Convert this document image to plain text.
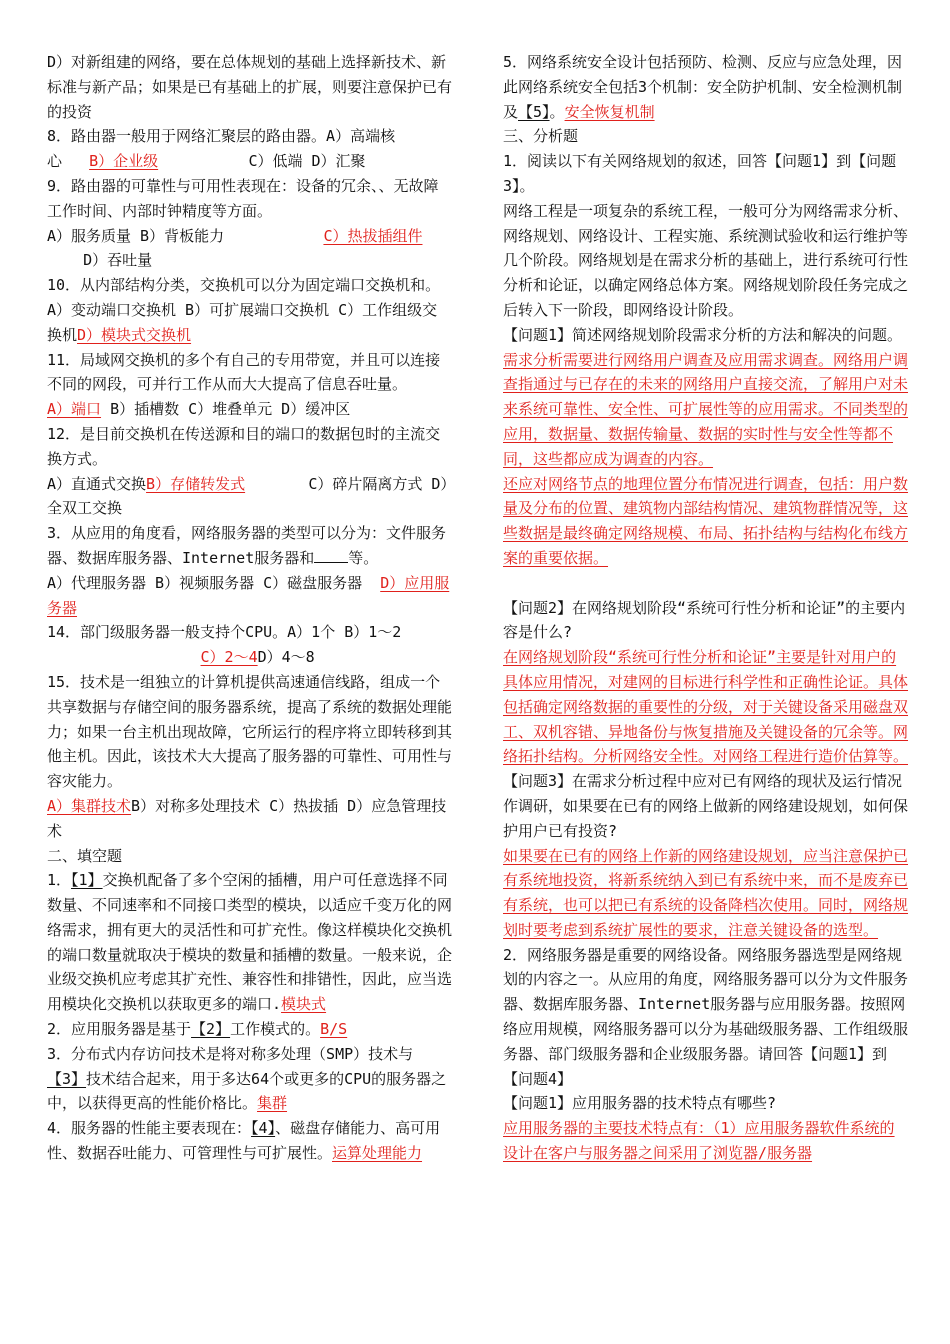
D）对新组建的网络，要在总体规划的基础上选择新技术、新标准与新产品；如果是已有基础上的扩展，则要注意保护已有的投资

8．路由器一般用于网络汇聚层的路由器。A）高端核心 B）企业级	C）低端 D）汇聚

9．路由器的可靠性与可用性表现在：设备的冗余、、无故障工作时间、内部时钟精度等方面。

A）服务质量 B）背板能力	C）热拔插组件
D）吞吐量

10．从内部结构分类，交换机可以分为固定端口交换机和。

A）变动端口交换机 B）可扩展端口交换机 C）工作组级交换机D）模块式交换机

11．局域网交换机的多个有自己的专用带宽，并且可以连接不同的网段，可并行工作从而大大提高了信息吞吐量。

A）端口 B）插槽数 C）堆叠单元 D）缓冲区

12．是目前交换机在传送源和目的端口的数据包时的主流交换方式。

A）直通式交换B）存储转发式	C）碎片隔离方式 D）全双工交换

3．从应用的角度看，网络服务器的类型可以分为：文件服务器、数据库服务器、Internet服务器和 等。

A）代理服务器 B）视频服务器 C）磁盘服务器 D）应用服务器

14．部门级服务器一般支持个CPU。A）1个 B）1～2
C）2～4D）4～8

15．技术是一组独立的计算机提供高速通信线路，组成一个共享数据与存储空间的服务器系统，提高了系统的数据处理能力；如果一台主机出现故障，它所运行的程序将立即转移到其他主机。因此，该技术大大提高了服务器的可靠性、可用性与容灾能力。

A）集群技术B）对称多处理技术 C）热拔插 D）应急管理技术

二、填空题

1．【1】交换机配备了多个空闲的插槽，用户可任意选择不同数量、不同速率和不同接口类型的模块，以适应千变万化的网络需求，拥有更大的灵活性和可扩充性。像这样模块化交换机的端口数量就取决于模块的数量和插槽的数量。一般来说，企业级交换机应考虑其扩充性、兼容性和排错性，因此，应当选用模块化交换机以获取更多的端口.模块式

2．应用服务器是基于【2】工作模式的。B/S

3．分布式内存访问技术是将对称多处理（SMP）技术与【3】技术结合起来，用于多达64个或更多的CPU的服务器之中，以获得更高的性能价格比。集群

4．服务器的性能主要表现在：【4】、磁盘存储能力、高可用性、数据吞吐能力、可管理性与可扩展性。运算处理能力

5．网络系统安全设计包括预防、检测、反应与应急处理，因此网络系统安全包括3个机制：安全防护机制、安全检测机制及【5】。安全恢复机制

三、分析题

1．阅读以下有关网络规划的叙述，回答【问题1】到【问题3】。

网络工程是一项复杂的系统工程，一般可分为网络需求分析、网络规划、网络设计、工程实施、系统测试验收和运行维护等几个阶段。网络规划是在需求分析的基础上，进行系统可行性分析和论证，以确定网络总体方案。网络规划阶段任务完成之后转入下一阶段，即网络设计阶段。

【问题1】简述网络规划阶段需求分析的方法和解决的问题。

需求分析需要进行网络用户调查及应用需求调查。网络用户调查指通过与已存在的未来的网络用户直接交流，了解用户对未来系统可靠性、安全性、可扩展性等的应用需求。不同类型的应用，数据量、数据传输量、数据的实时性与安全性等都不同，这些都应成为调查的内容。

还应对网络节点的地理位置分布情况进行调查，包括：用户数量及分布的位置、建筑物内部结构情况、建筑物群情况等，这些数据是最终确定网络规模、布局、拓扑结构与结构化布线方案的重要依据。

【问题2】在网络规划阶段“系统可行性分析和论证”的主要内容是什么?

在网络规划阶段“系统可行性分析和论证”主要是针对用户的具体应用情况，对建网的目标进行科学性和正确性论证。具体包括确定网络数据的重要性的分级，对于关键设备采用磁盘双工、双机容错、异地备份与恢复措施及关键设备的冗余等。网络拓扑结构。分析网络安全性。对网络工程进行造价估算等。

【问题3】在需求分析过程中应对已有网络的现状及运行情况作调研，如果要在已有的网络上做新的网络建设规划，如何保护用户已有投资?

如果要在已有的网络上作新的网络建设规划，应当注意保护已有系统地投资，将新系统纳入到已有系统中来，而不是废弃已有系统，也可以把已有系统的设备降档次使用。同时，网络规划时要考虑到系统扩展性的要求，注意关键设备的选型。

2．网络服务器是重要的网络设备。网络服务器选型是网络规划的内容之一。从应用的角度，网络服务器可以分为文件服务器、数据库服务器、Internet服务器与应用服务器。按照网络应用规模，网络服务器可以分为基础级服务器、工作组级服务器、部门级服务器和企业级服务器。请回答【问题1】到【问题4】

【问题1】应用服务器的技术特点有哪些?

应用服务器的主要技术特点有：（1）应用服务器软件系统的设计在客户与服务器之间采用了浏览器/服务器
